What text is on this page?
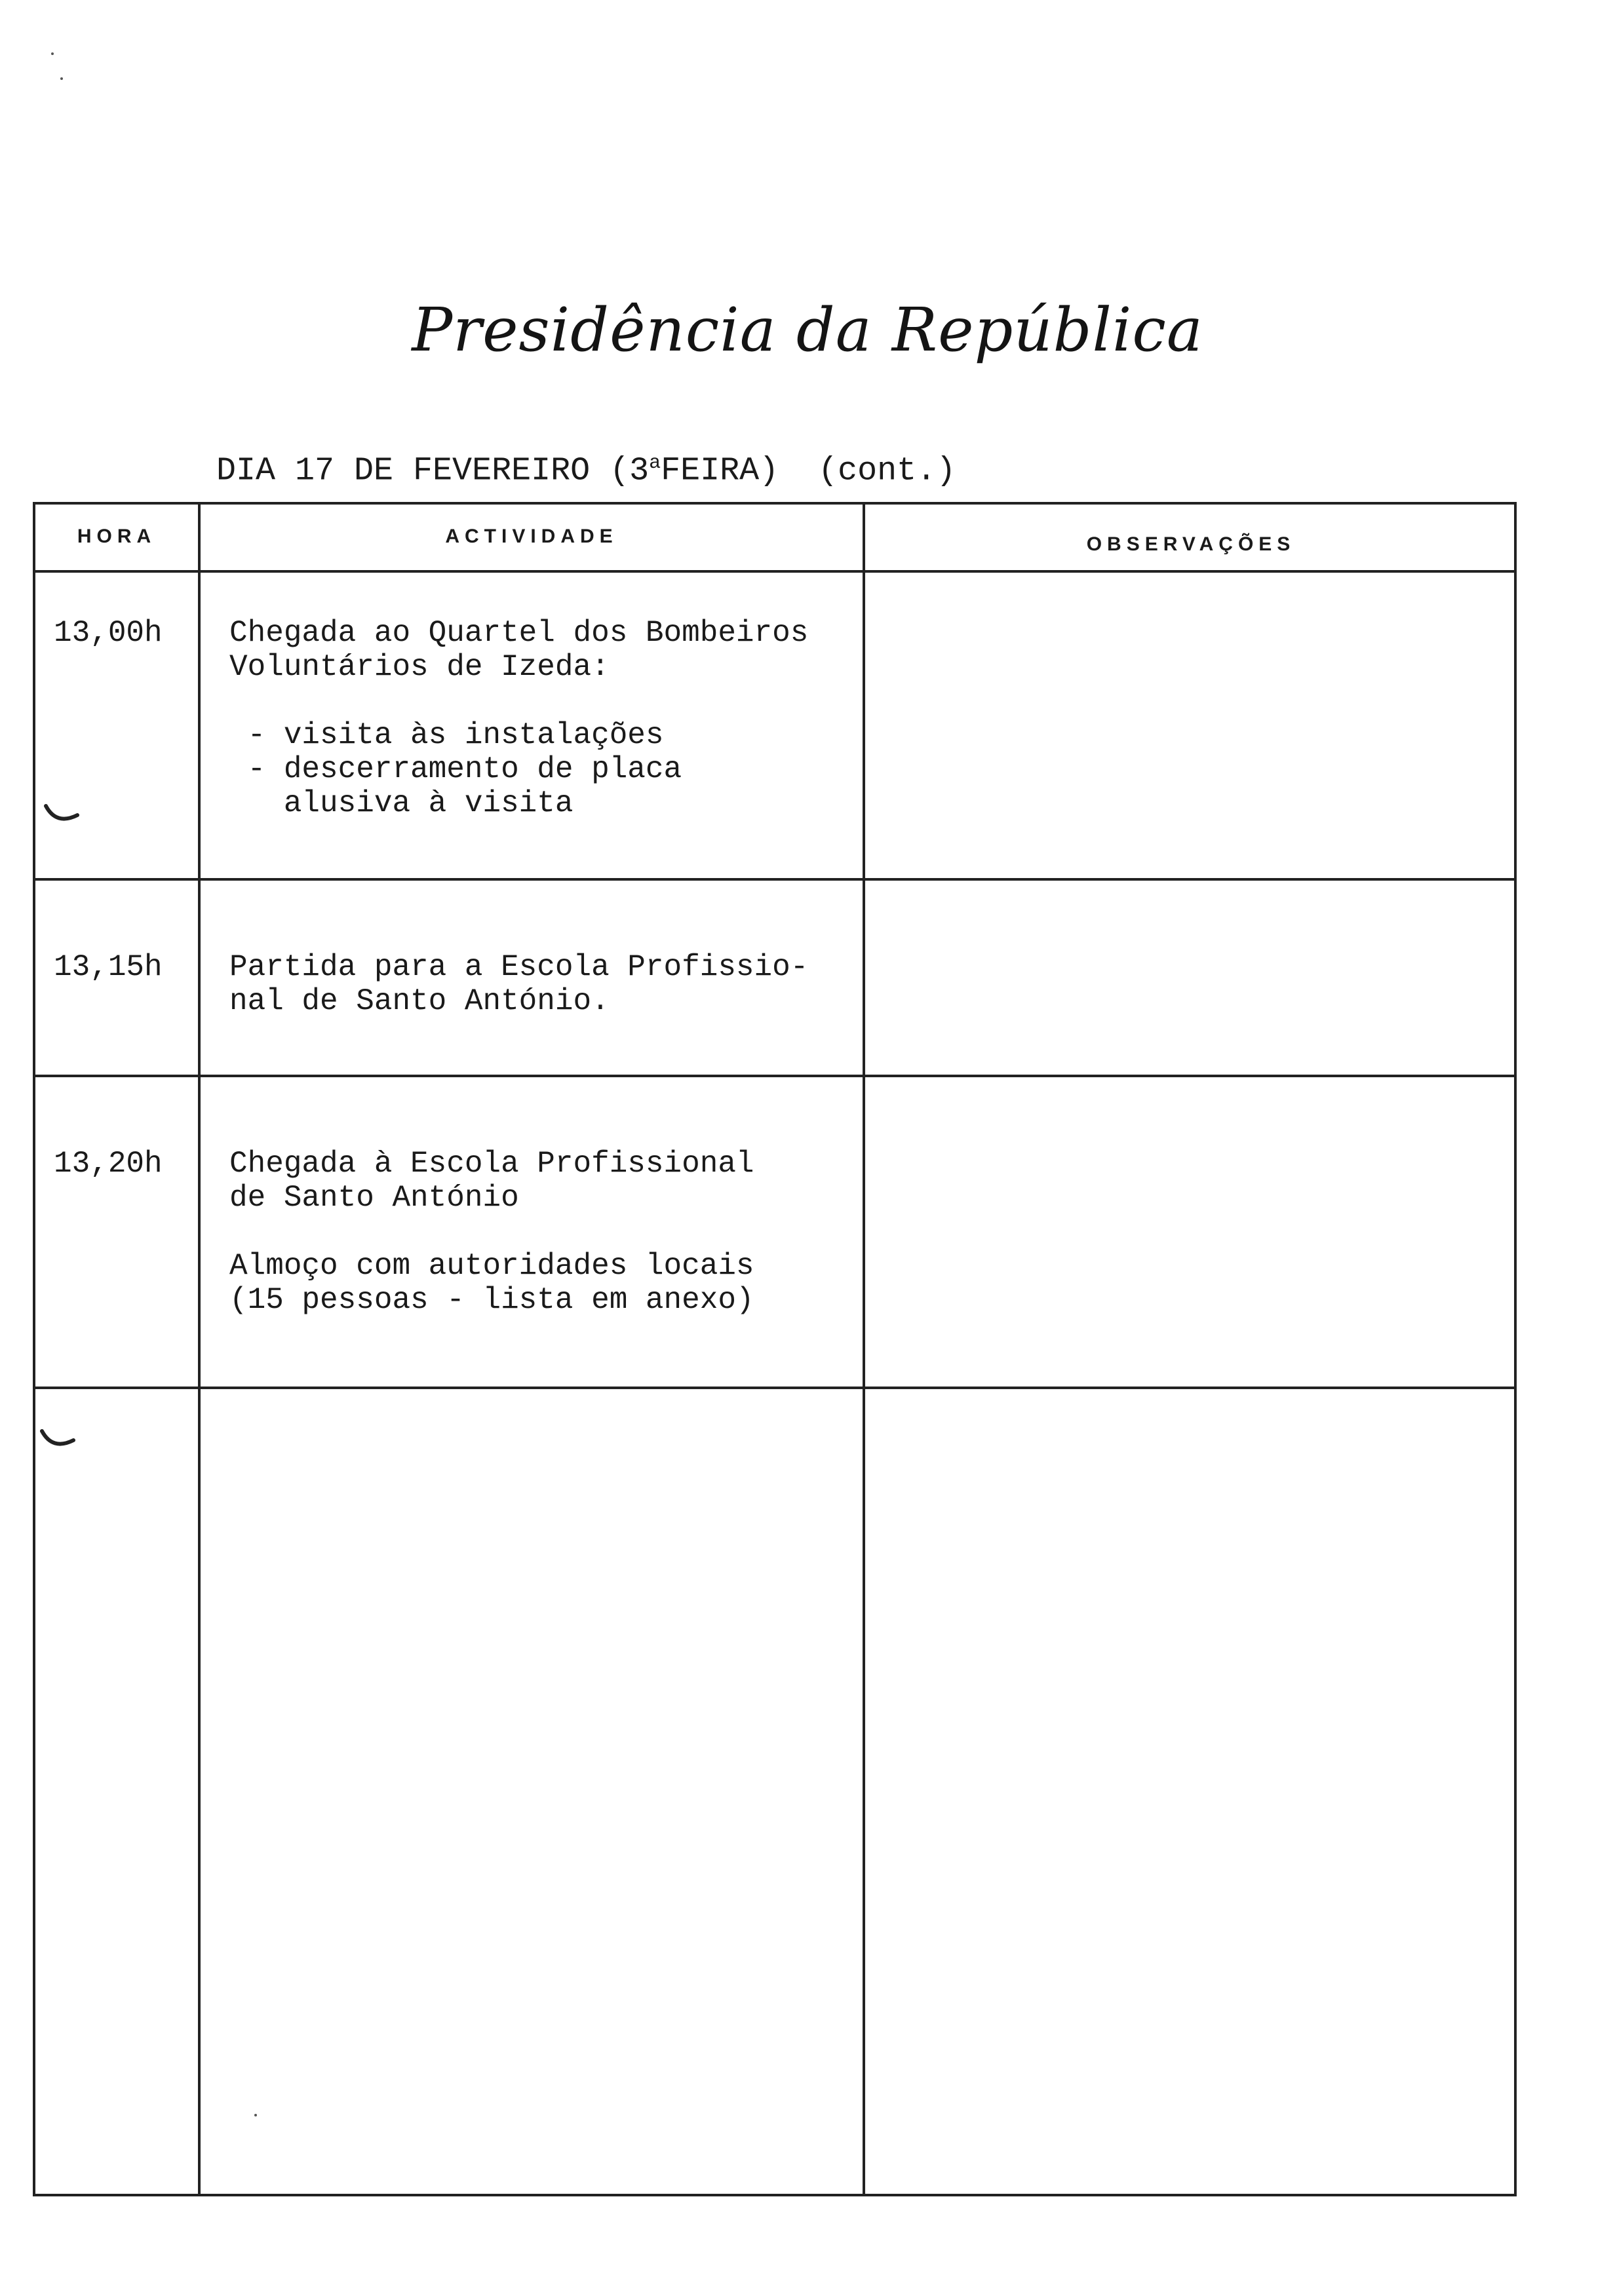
Presidência da República
DIA 17 DE FEVEREIRO (3$^a$FEIRA)  (cont.)
HORA	ACTIVIDADE	OBSERVAÇÕES
13,00h Chegada ao Quartel dos Bombeiros
Voluntários de Izeda:

- visita às instalações
- descerramento de placa
alusiva à visita
13,15h Partida para a Escola Profissio-
nal de Santo António.
13,20h Chegada à Escola Profissional
de Santo António

Almoço com autoridades locais
(15 pessoas - lista em anexo)
